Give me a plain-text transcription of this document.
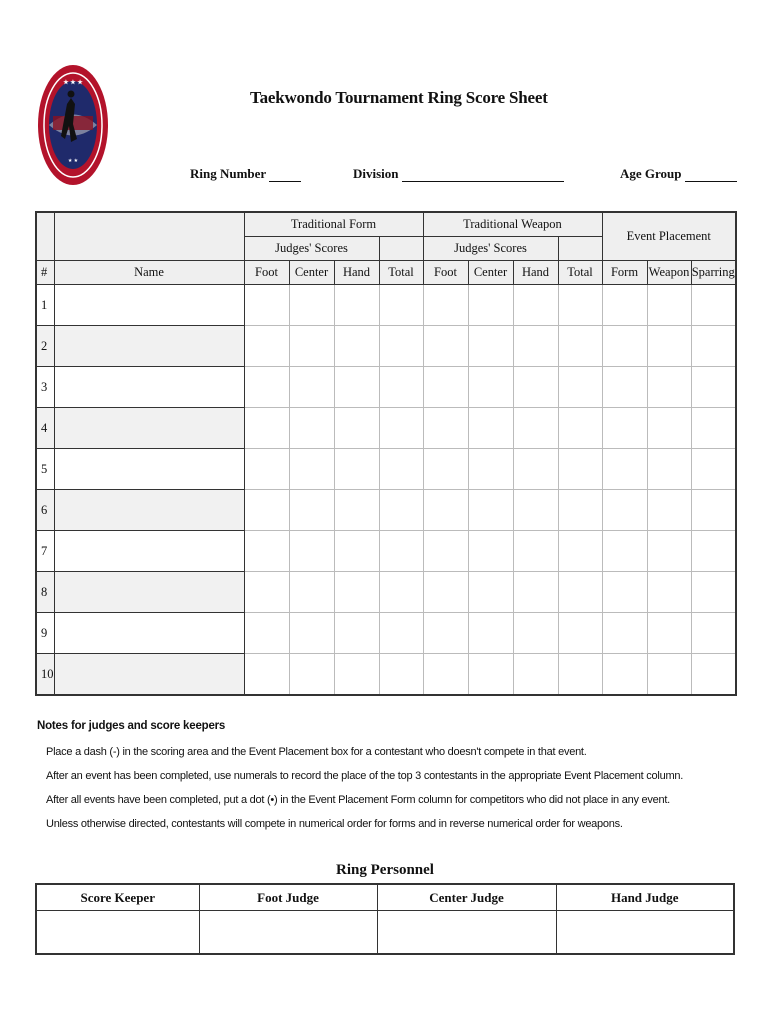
★ ★ ★
★ ★
Taekwondo Tournament Ring Score Sheet
Ring Number	Division	Age Group
		Traditional Form				Traditional Weapon				Event Placement		
		Judges' Scores				Judges' Scores						
#	Name	Foot	Center	Hand	Total	Foot	Center	Hand	Total	Form	Weapon	Sparring
1												
2												
3												
4												
5												
6												
7												
8												
9												
10												
Notes for judges and score keepers
Place a dash (-) in the scoring area and the Event Placement box for a contestant who doesn't compete in that event.
After an event has been completed, use numerals to record the place of the top 3 contestants in the appropriate Event Placement column.
After all events have been completed, put a dot (•) in the Event Placement Form column for competitors who did not place in any event.
Unless otherwise directed, contestants will compete in numerical order for forms and in reverse numerical order for weapons.
Ring Personnel
Score Keeper	Foot Judge	Center Judge	Hand Judge
